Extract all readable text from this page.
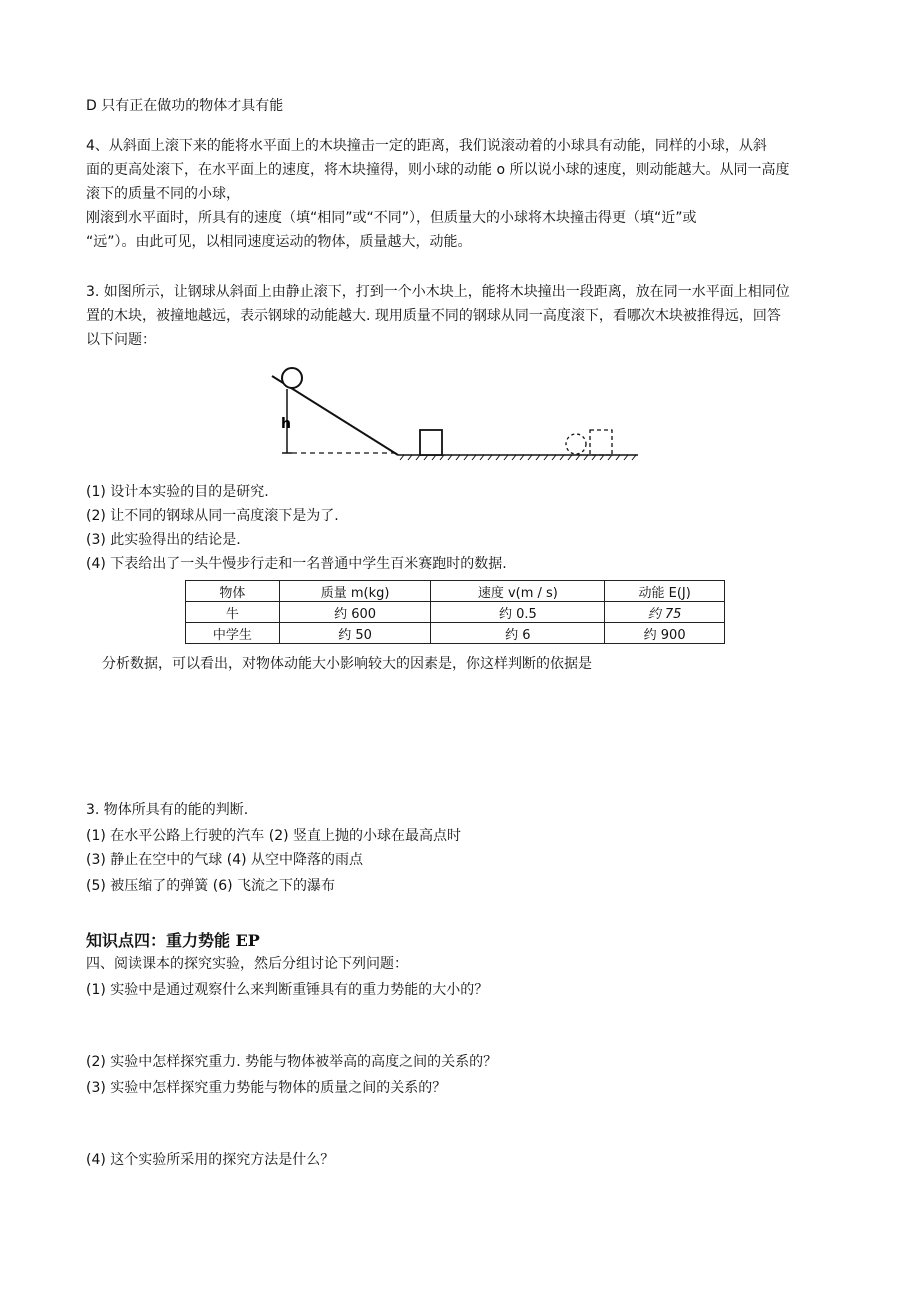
D 只有正在做功的物体才具有能
4、从斜面上滚下来的能将水平面上的木块撞击一定的距离，我们说滚动着的小球具有动能，同样的小球，从斜
面的更高处滚下，在水平面上的速度，将木块撞得，则小球的动能 o 所以说小球的速度，则动能越大。从同一高度
滚下的质量不同的小球，
刚滚到水平面时，所具有的速度（填“相同”或“不同”），但质量大的小球将木块撞击得更（填“近”或
“远”）。由此可见，以相同速度运动的物体，质量越大，动能。
3. 如图所示，让钢球从斜面上由静止滚下，打到一个小木块上，能将木块撞出一段距离，放在同一水平面上相同位
置的木块，被撞地越远，表示钢球的动能越大. 现用质量不同的钢球从同一高度滚下，看哪次木块被推得远，回答
以下问题：
h
(1) 设计本实验的目的是研究.
(2) 让不同的钢球从同一高度滚下是为了.
(3) 此实验得出的结论是.
(4) 下表给出了一头牛慢步行走和一名普通中学生百米赛跑时的数据.
物体	质量 m(kg)	速度 v(m / s)	动能 E(J)
牛	约 600	约 0.5	约 75
中学生	约 50	约 6	约 900
分析数据，可以看出，对物体动能大小影响较大的因素是，你这样判断的依据是
3. 物体所具有的能的判断.
(1) 在水平公路上行驶的汽车 (2) 竖直上抛的小球在最高点时
(3) 静止在空中的气球 (4) 从空中降落的雨点
(5) 被压缩了的弹簧 (6) 飞流之下的瀑布
知识点四：重力势能 EP
四、阅读课本的探究实验，然后分组讨论下列问题：
(1) 实验中是通过观察什么来判断重锤具有的重力势能的大小的？
(2) 实验中怎样探究重力. 势能与物体被举高的高度之间的关系的？
(3) 实验中怎样探究重力势能与物体的质量之间的关系的？
(4) 这个实验所采用的探究方法是什么？
